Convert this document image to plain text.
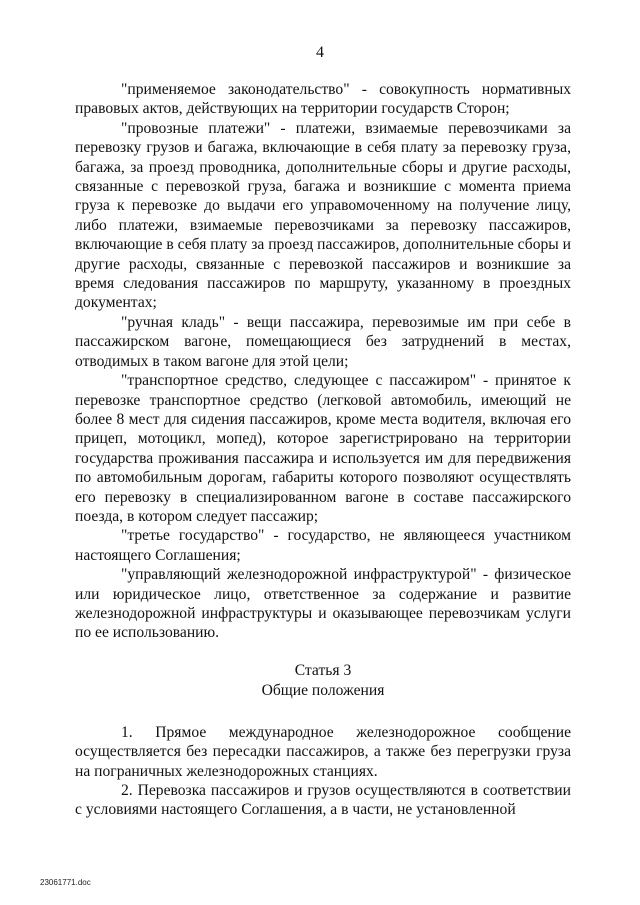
4

"применяемое законодательство" - совокупность нормативных правовых актов, действующих на территории государств Сторон;

"провозные платежи" - платежи, взимаемые перевозчиками за перевозку грузов и багажа, включающие в себя плату за перевозку груза, багажа, за проезд проводника, дополнительные сборы и другие расходы, связанные с перевозкой груза, багажа и возникшие с момента приема груза к перевозке до выдачи его управомоченному на получение лицу, либо платежи, взимаемые перевозчиками за перевозку пассажиров, включающие в себя плату за проезд пассажиров, дополнительные сборы и другие расходы, связанные с перевозкой пассажиров и возникшие за время следования пассажиров по маршруту, указанному в проездных документах;

"ручная кладь" - вещи пассажира, перевозимые им при себе в пассажирском вагоне, помещающиеся без затруднений в местах, отводимых в таком вагоне для этой цели;

"транспортное средство, следующее с пассажиром" - принятое к перевозке транспортное средство (легковой автомобиль, имеющий не более 8 мест для сидения пассажиров, кроме места водителя, включая его прицеп, мотоцикл, мопед), которое зарегистрировано на территории государства проживания пассажира и используется им для передвижения по автомобильным дорогам, габариты которого позволяют осуществлять его перевозку в специализированном вагоне в составе пассажирского поезда, в котором следует пассажир;

"третье государство" - государство, не являющееся участником настоящего Соглашения;

"управляющий железнодорожной инфраструктурой" - физическое или юридическое лицо, ответственное за содержание и развитие железнодорожной инфраструктуры и оказывающее перевозчикам услуги по ее использованию.

Статья 3
Общие положения

1. Прямое международное железнодорожное сообщение осуществляется без пересадки пассажиров, а также без перегрузки груза на пограничных железнодорожных станциях.

2. Перевозка пассажиров и грузов осуществляются в соответствии с условиями настоящего Соглашения, а в части, не установленной

23061771.doc
